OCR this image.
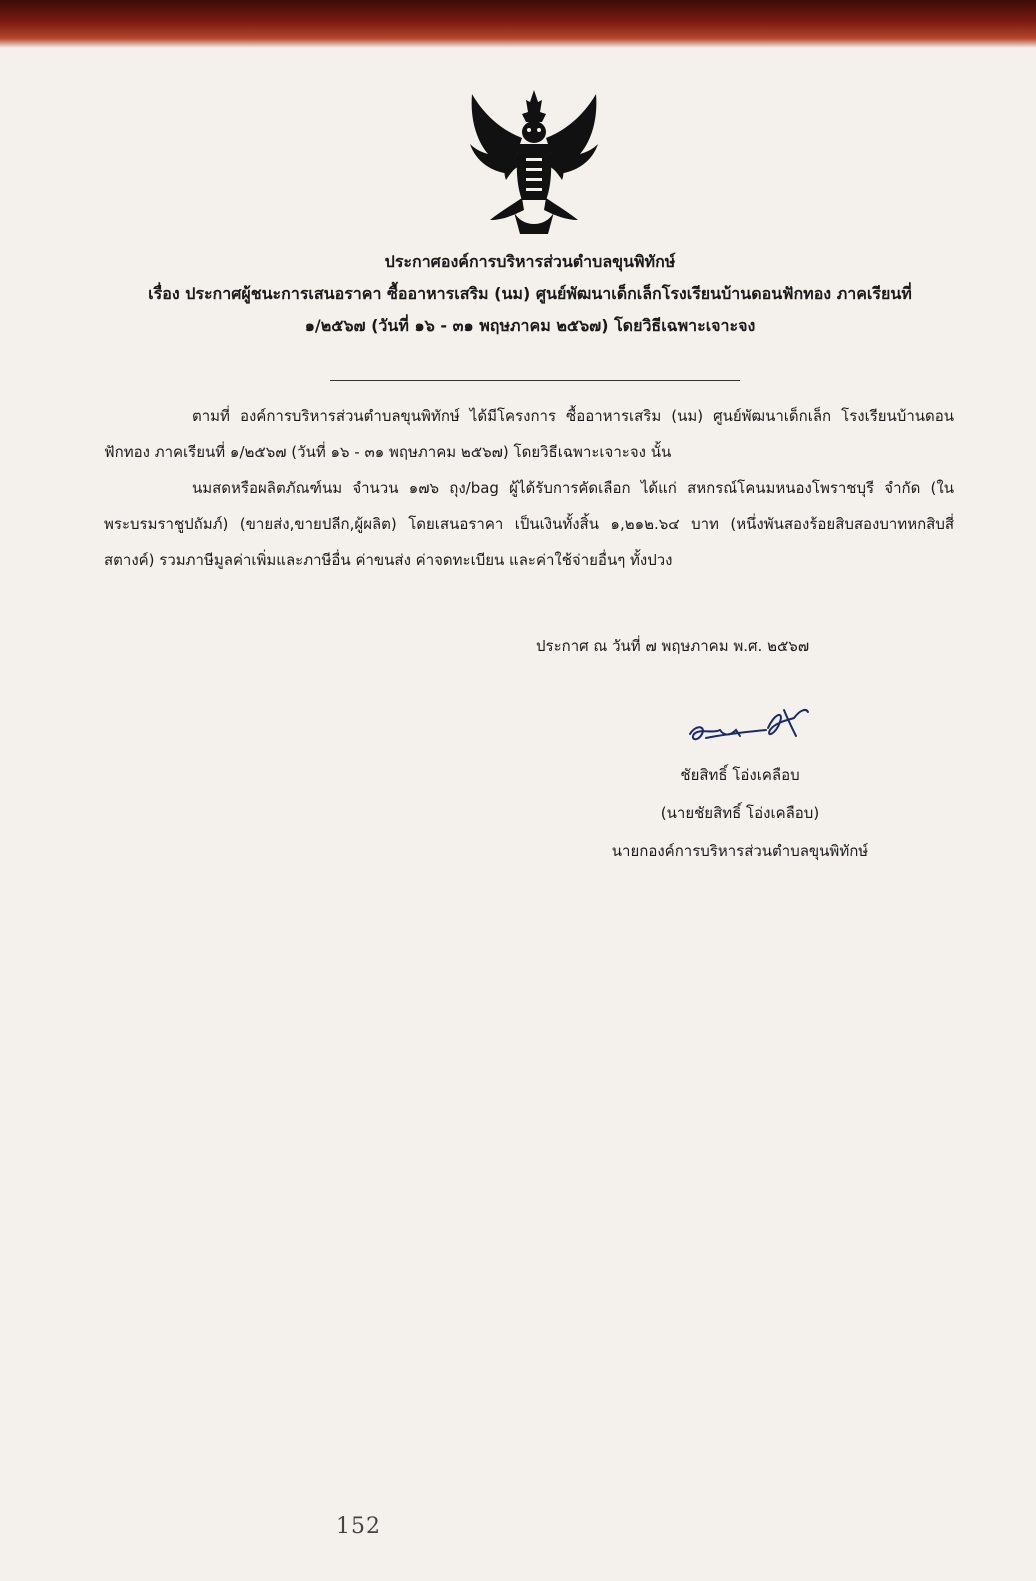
ประกาศองค์การบริหารส่วนตำบลขุนพิทักษ์
เรื่อง ประกาศผู้ชนะการเสนอราคา ซื้ออาหารเสริม (นม) ศูนย์พัฒนาเด็กเล็กโรงเรียนบ้านดอนฟักทอง ภาคเรียนที่
๑/๒๕๖๗ (วันที่ ๑๖ - ๓๑ พฤษภาคม ๒๕๖๗) โดยวิธีเฉพาะเจาะจง
ตามที่ องค์การบริหารส่วนตำบลขุนพิทักษ์ ได้มีโครงการ ซื้ออาหารเสริม (นม) ศูนย์พัฒนาเด็กเล็ก โรงเรียนบ้านดอนฟักทอง ภาคเรียนที่ ๑/๒๕๖๗ (วันที่ ๑๖ - ๓๑ พฤษภาคม ๒๕๖๗) โดยวิธีเฉพาะเจาะจง นั้น
นมสดหรือผลิตภัณฑ์นม จำนวน ๑๗๖ ถุง/bag ผู้ได้รับการคัดเลือก ได้แก่ สหกรณ์โคนมหนองโพราชบุรี จำกัด (ในพระบรมราชูปถัมภ์) (ขายส่ง,ขายปลีก,ผู้ผลิต) โดยเสนอราคา เป็นเงินทั้งสิ้น ๑,๒๑๒.๖๔ บาท (หนึ่งพันสองร้อยสิบสองบาทหกสิบสี่สตางค์) รวมภาษีมูลค่าเพิ่มและภาษีอื่น ค่าขนส่ง ค่าจดทะเบียน และค่าใช้จ่ายอื่นๆ ทั้งปวง
ประกาศ ณ วันที่ ๗ พฤษภาคม พ.ศ. ๒๕๖๗
ชัยสิทธิ์ โอ่งเคลือบ
(นายชัยสิทธิ์ โอ่งเคลือบ)
นายกองค์การบริหารส่วนตำบลขุนพิทักษ์
152
